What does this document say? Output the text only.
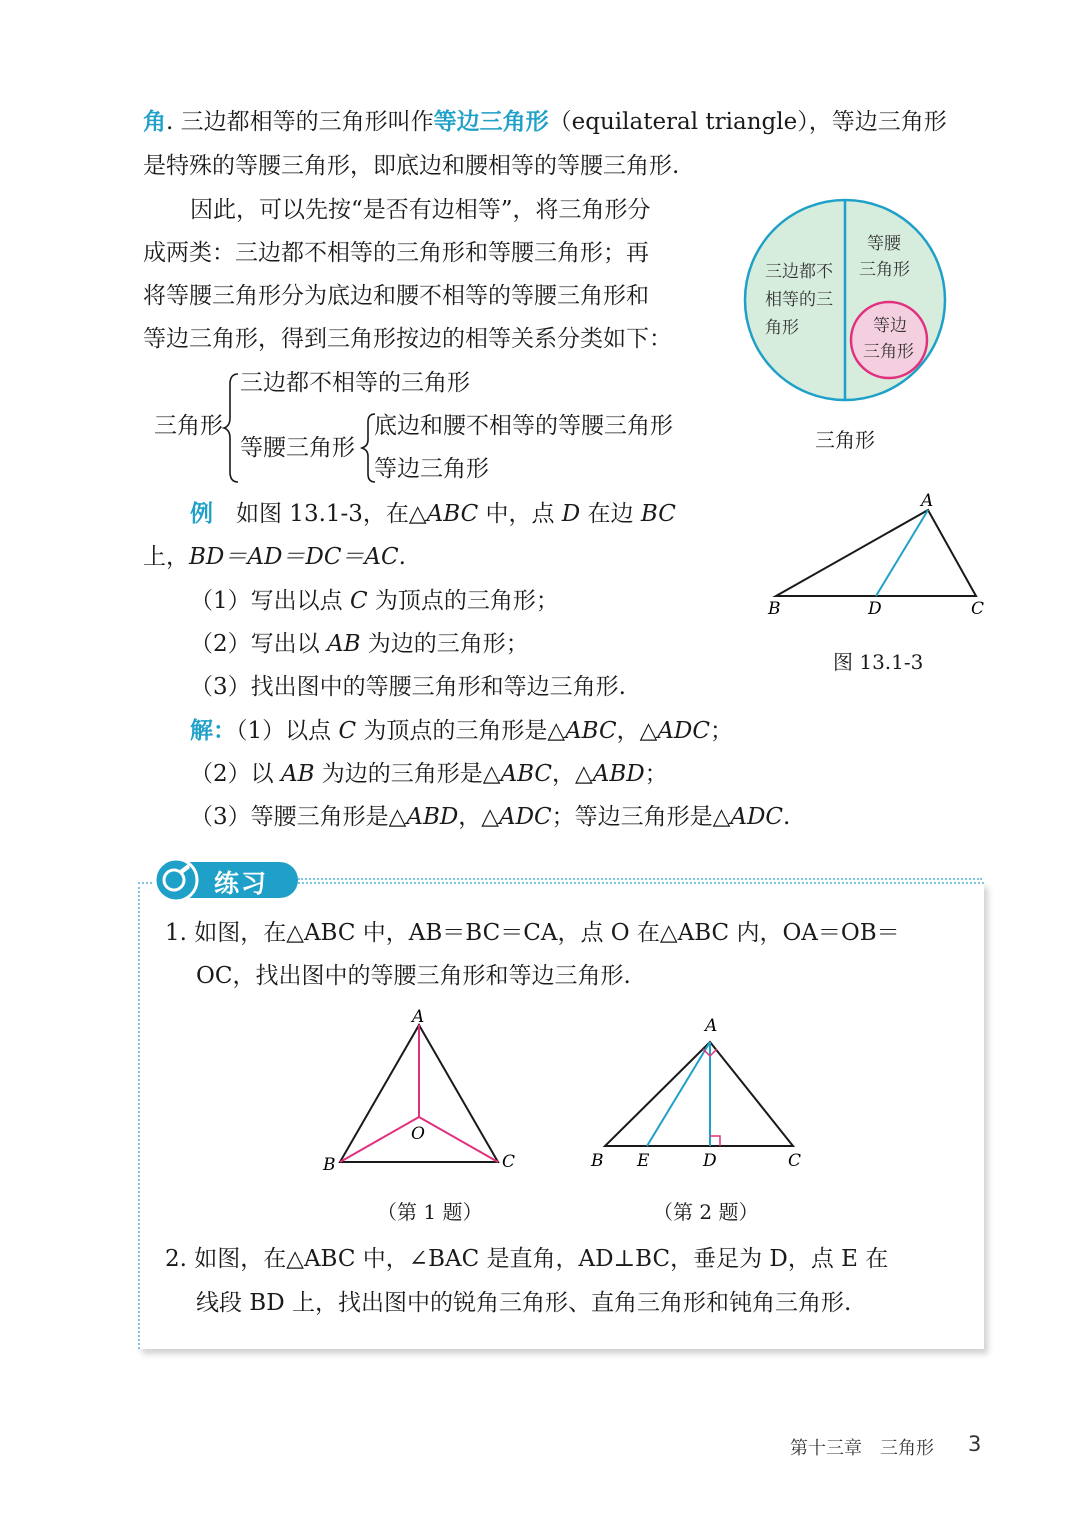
角. 三边都相等的三角形叫作等边三角形（equilateral triangle），等边三角形
是特殊的等腰三角形，即底边和腰相等的等腰三角形.
因此，可以先按“是否有边相等”，将三角形分
成两类：三边都不相等的三角形和等腰三角形；再
将等腰三角形分为底边和腰不相等的等腰三角形和
等边三角形，得到三角形按边的相等关系分类如下：
三边都不
相等的三
角形
等腰
三角形
等边
三角形
三角形
三角形
三边都不相等的三角形
等腰三角形
底边和腰不相等的等腰三角形
等边三角形
例　 如图 13.1-3，在△ABC 中，点 D 在边 BC
上，BD＝AD＝DC＝AC.
（1）写出以点 C 为顶点的三角形；
（2）写出以 AB 为边的三角形；
（3）找出图中的等腰三角形和等边三角形.
A
B	D	C
图 13.1-3
解：（1）以点 C 为顶点的三角形是△ABC，△ADC；
（2）以 AB 为边的三角形是△ABC，△ABD；
（3）等腰三角形是△ABD，△ADC；等边三角形是△ADC.
练习
1. 如图，在△ABC 中，AB＝BC＝CA，点 O 在△ABC 内，OA＝OB＝
OC，找出图中的等腰三角形和等边三角形.
A
O
B	C
（第 1 题）
A
B E	D	C
（第 2 题）
2. 如图，在△ABC 中，∠BAC 是直角，AD⊥BC，垂足为 D，点 E 在
线段 BD 上，找出图中的锐角三角形、直角三角形和钝角三角形.
第十三章　三角形 3
